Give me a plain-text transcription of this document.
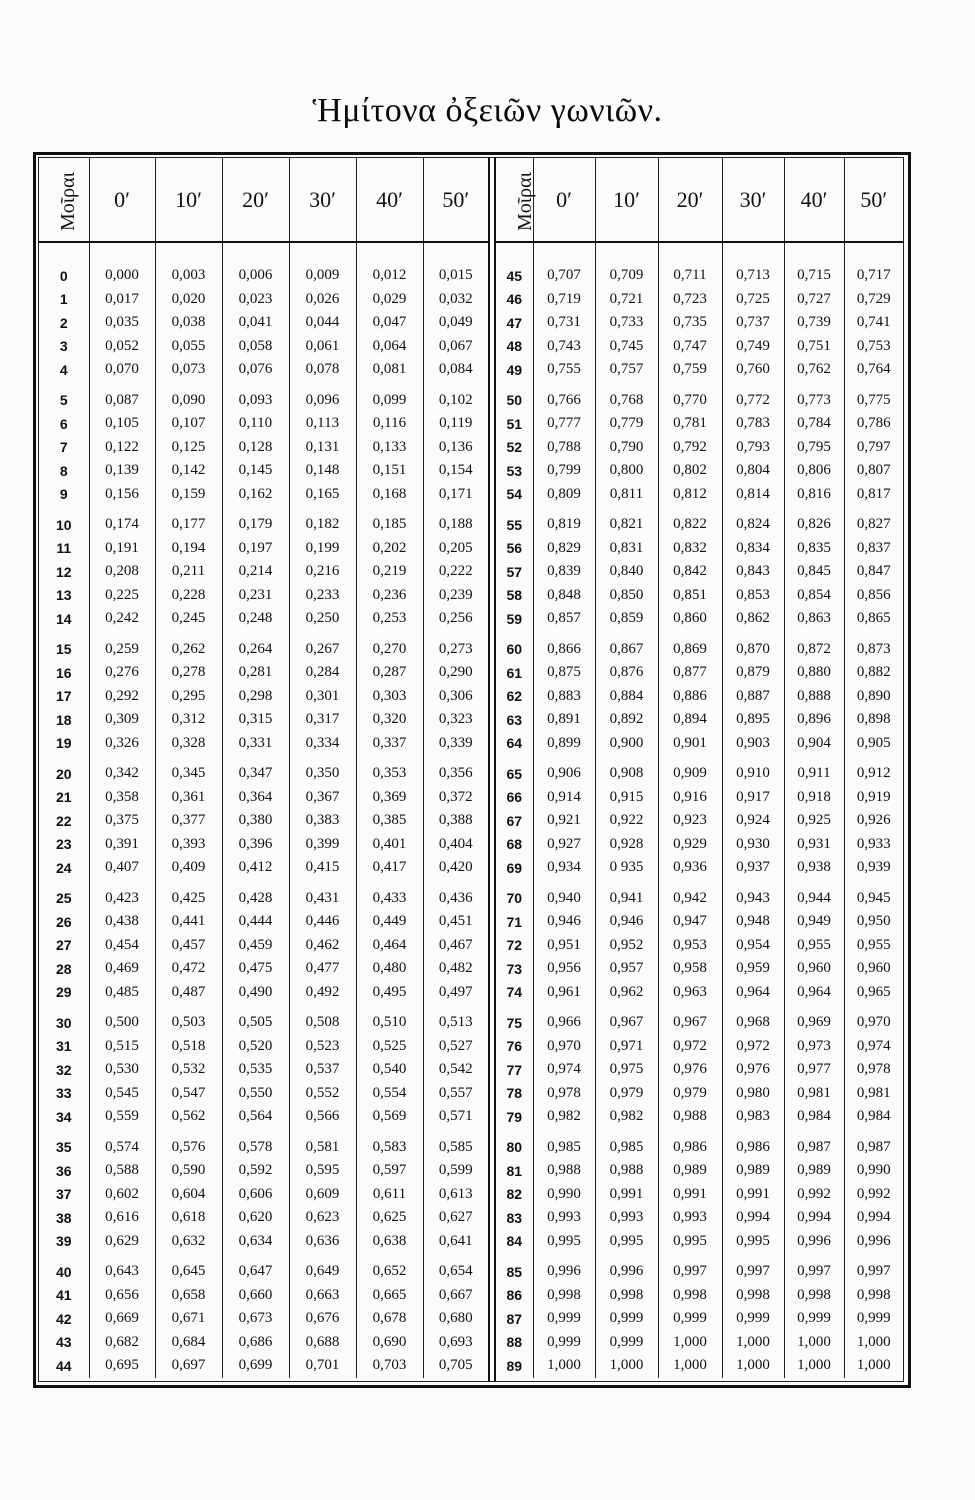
Ἡμίτονα ὀξειῶν γωνιῶν.
Μοῖραι	0′	10′	20′	30′	40′	50′

0	0,000	0,003	0,006	0,009	0,012	0,015
1	0,017	0,020	0,023	0,026	0,029	0,032
2	0,035	0,038	0,041	0,044	0,047	0,049
3	0,052	0,055	0,058	0,061	0,064	0,067
4	0,070	0,073	0,076	0,078	0,081	0,084

5	0,087	0,090	0,093	0,096	0,099	0,102
6	0,105	0,107	0,110	0,113	0,116	0,119
7	0,122	0,125	0,128	0,131	0,133	0,136
8	0,139	0,142	0,145	0,148	0,151	0,154
9	0,156	0,159	0,162	0,165	0,168	0,171

10	0,174	0,177	0,179	0,182	0,185	0,188
11	0,191	0,194	0,197	0,199	0,202	0,205
12	0,208	0,211	0,214	0,216	0,219	0,222
13	0,225	0,228	0,231	0,233	0,236	0,239
14	0,242	0,245	0,248	0,250	0,253	0,256

15	0,259	0,262	0,264	0,267	0,270	0,273
16	0,276	0,278	0,281	0,284	0,287	0,290
17	0,292	0,295	0,298	0,301	0,303	0,306
18	0,309	0,312	0,315	0,317	0,320	0,323
19	0,326	0,328	0,331	0,334	0,337	0,339

20	0,342	0,345	0,347	0,350	0,353	0,356
21	0,358	0,361	0,364	0,367	0,369	0,372
22	0,375	0,377	0,380	0,383	0,385	0,388
23	0,391	0,393	0,396	0,399	0,401	0,404
24	0,407	0,409	0,412	0,415	0,417	0,420

25	0,423	0,425	0,428	0,431	0,433	0,436
26	0,438	0,441	0,444	0,446	0,449	0,451
27	0,454	0,457	0,459	0,462	0,464	0,467
28	0,469	0,472	0,475	0,477	0,480	0,482
29	0,485	0,487	0,490	0,492	0,495	0,497

30	0,500	0,503	0,505	0,508	0,510	0,513
31	0,515	0,518	0,520	0,523	0,525	0,527
32	0,530	0,532	0,535	0,537	0,540	0,542
33	0,545	0,547	0,550	0,552	0,554	0,557
34	0,559	0,562	0,564	0,566	0,569	0,571

35	0,574	0,576	0,578	0,581	0,583	0,585
36	0,588	0,590	0,592	0,595	0,597	0,599
37	0,602	0,604	0,606	0,609	0,611	0,613
38	0,616	0,618	0,620	0,623	0,625	0,627
39	0,629	0,632	0,634	0,636	0,638	0,641

40	0,643	0,645	0,647	0,649	0,652	0,654
41	0,656	0,658	0,660	0,663	0,665	0,667
42	0,669	0,671	0,673	0,676	0,678	0,680
43	0,682	0,684	0,686	0,688	0,690	0,693
44	0,695	0,697	0,699	0,701	0,703	0,705
Μοῖραι	0′	10′	20′	30′	40′	50′

45	0,707	0,709	0,711	0,713	0,715	0,717
46	0,719	0,721	0,723	0,725	0,727	0,729
47	0,731	0,733	0,735	0,737	0,739	0,741
48	0,743	0,745	0,747	0,749	0,751	0,753
49	0,755	0,757	0,759	0,760	0,762	0,764

50	0,766	0,768	0,770	0,772	0,773	0,775
51	0,777	0,779	0,781	0,783	0,784	0,786
52	0,788	0,790	0,792	0,793	0,795	0,797
53	0,799	0,800	0,802	0,804	0,806	0,807
54	0,809	0,811	0,812	0,814	0,816	0,817

55	0,819	0,821	0,822	0,824	0,826	0,827
56	0,829	0,831	0,832	0,834	0,835	0,837
57	0,839	0,840	0,842	0,843	0,845	0,847
58	0,848	0,850	0,851	0,853	0,854	0,856
59	0,857	0,859	0,860	0,862	0,863	0,865

60	0,866	0,867	0,869	0,870	0,872	0,873
61	0,875	0,876	0,877	0,879	0,880	0,882
62	0,883	0,884	0,886	0,887	0,888	0,890
63	0,891	0,892	0,894	0,895	0,896	0,898
64	0,899	0,900	0,901	0,903	0,904	0,905

65	0,906	0,908	0,909	0,910	0,911	0,912
66	0,914	0,915	0,916	0,917	0,918	0,919
67	0,921	0,922	0,923	0,924	0,925	0,926
68	0,927	0,928	0,929	0,930	0,931	0,933
69	0,934	0 935	0,936	0,937	0,938	0,939

70	0,940	0,941	0,942	0,943	0,944	0,945
71	0,946	0,946	0,947	0,948	0,949	0,950
72	0,951	0,952	0,953	0,954	0,955	0,955
73	0,956	0,957	0,958	0,959	0,960	0,960
74	0,961	0,962	0,963	0,964	0,964	0,965

75	0,966	0,967	0,967	0,968	0,969	0,970
76	0,970	0,971	0,972	0,972	0,973	0,974
77	0,974	0,975	0,976	0,976	0,977	0,978
78	0,978	0,979	0,979	0,980	0,981	0,981
79	0,982	0,982	0,988	0,983	0,984	0,984

80	0,985	0,985	0,986	0,986	0,987	0,987
81	0,988	0,988	0,989	0,989	0,989	0,990
82	0,990	0,991	0,991	0,991	0,992	0,992
83	0,993	0,993	0,993	0,994	0,994	0,994
84	0,995	0,995	0,995	0,995	0,996	0,996

85	0,996	0,996	0,997	0,997	0,997	0,997
86	0,998	0,998	0,998	0,998	0,998	0,998
87	0,999	0,999	0,999	0,999	0,999	0,999
88	0,999	0,999	1,000	1,000	1,000	1,000
89	1,000	1,000	1,000	1,000	1,000	1,000
